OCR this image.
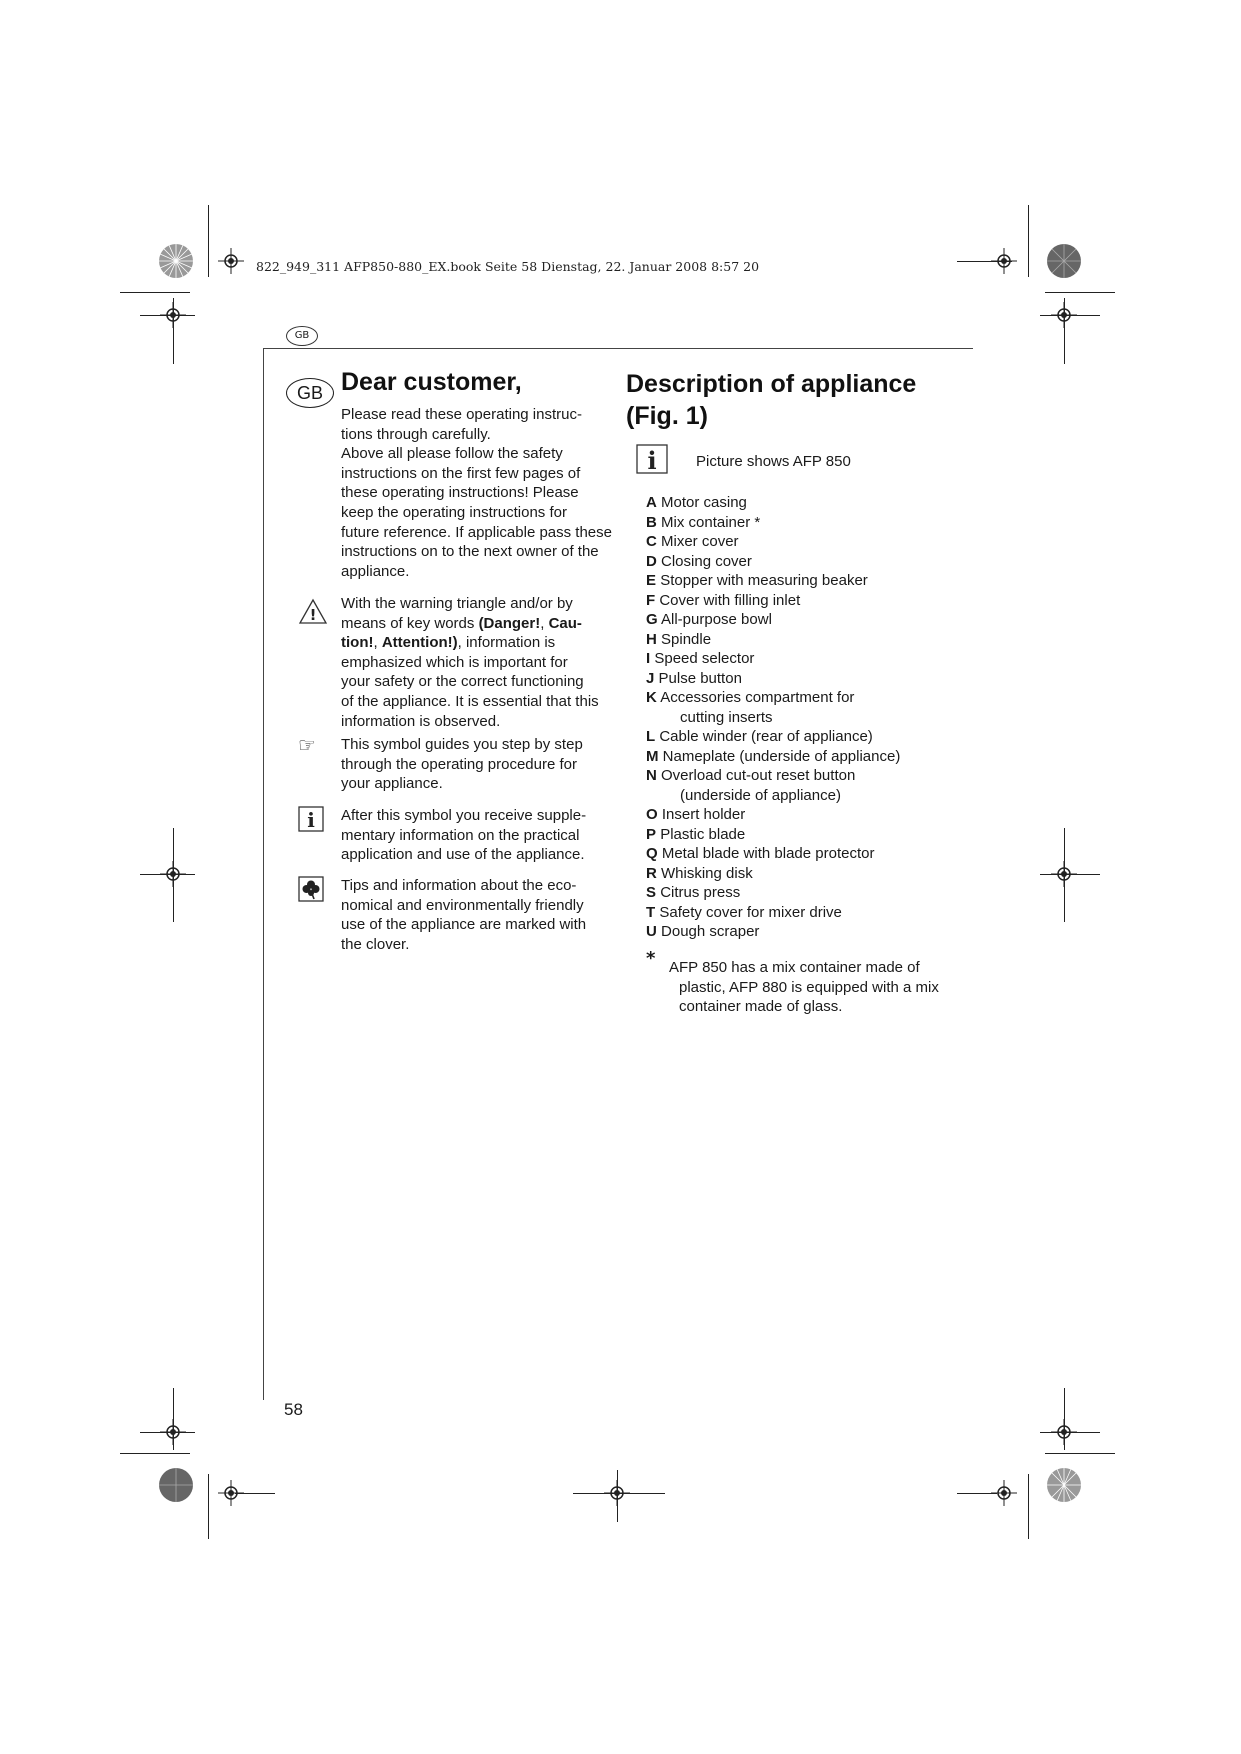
822_949_311 AFP850-880_EX.book Seite 58 Dienstag, 22. Januar 2008 8:57 20
GB
GB Dear customer,

Please read these operating instruc-

tions through carefully.

Above all please follow the safety

instructions on the first few pages of

these operating instructions! Please

keep the operating instructions for

future reference. If applicable pass these

instructions on to the next owner of the

appliance.

!

With the warning triangle and/or by

means of key words (Danger!, Cau-

tion!, Attention!), information is

emphasized which is important for

your safety or the correct functioning

of the appliance. It is essential that this

information is observed.

☞ This symbol guides you step by step

through the operating procedure for

your appliance.

i After this symbol you receive supple-

mentary information on the practical

application and use of the appliance.

Tips and information about the eco-

nomical and environmentally friendly

use of the appliance are marked with

the clover.

Description of appliance
(Fig. 1)
i	Picture shows AFP 850
A Motor casing
B Mix container *
C Mixer cover
D Closing cover
E Stopper with measuring beaker
F Cover with filling inlet
G All-purpose bowl
H Spindle
I Speed selector
J Pulse button
K Accessories compartment for
cutting inserts
L Cable winder (rear of appliance)
M Nameplate (underside of appliance)
N Overload cut-out reset button
(underside of appliance)
O Insert holder
P Plastic blade
Q Metal blade with blade protector
R Whisking disk
S Citrus press
T Safety cover for mixer drive
U Dough scraper
* AFP 850 has a mix container made of

plastic, AFP 880 is equipped with a mix

container made of glass.

58
